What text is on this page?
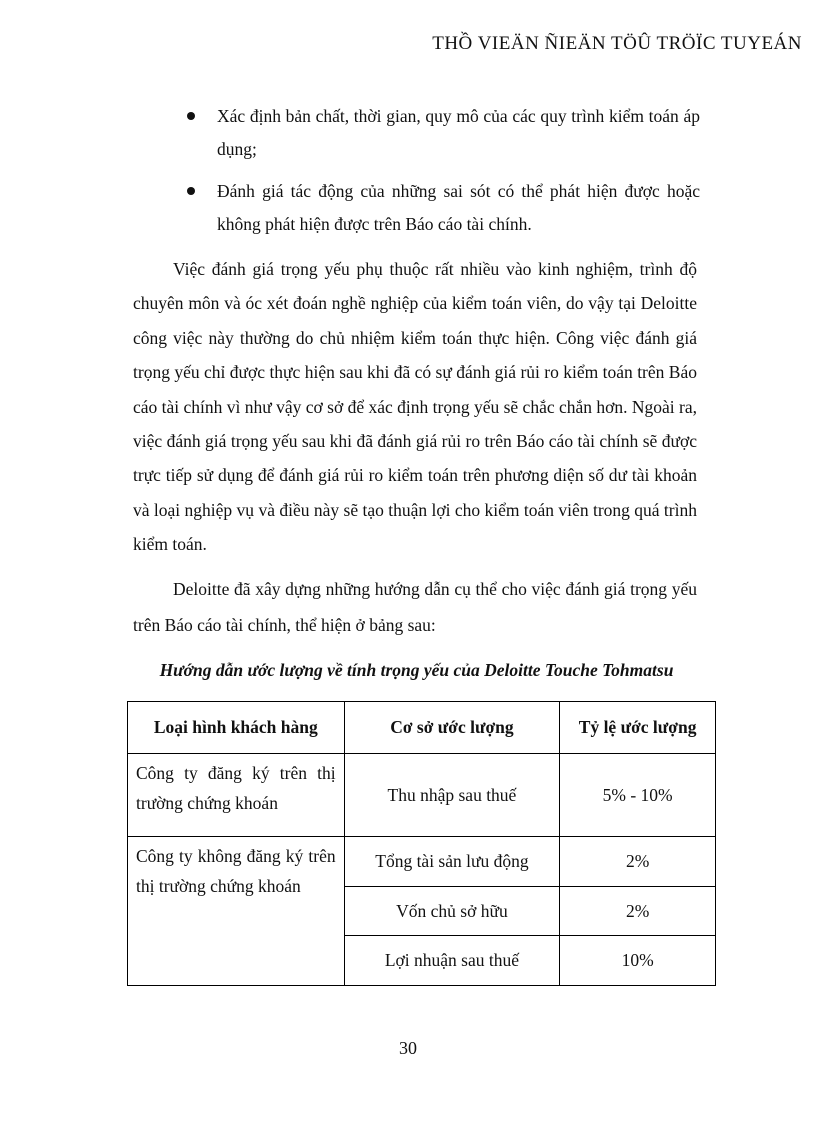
THỒ VIEÄN ÑIEÄN TÖÛ TRÖÏC TUYEÁN
Xác định bản chất, thời gian, quy mô của các quy trình kiểm toán áp dụng;
Đánh giá tác động của những sai sót có thể phát hiện được hoặc không phát hiện được trên Báo cáo tài chính.

Việc đánh giá trọng yếu phụ thuộc rất nhiều vào kinh nghiệm, trình độ chuyên môn và óc xét đoán nghề nghiệp của kiểm toán viên, do vậy tại Deloitte công việc này thường do chủ nhiệm kiểm toán thực hiện. Công việc đánh giá trọng yếu chỉ được thực hiện sau khi đã có sự đánh giá rủi ro kiểm toán trên Báo cáo tài chính vì như vậy cơ sở để xác định trọng yếu sẽ chắc chắn hơn. Ngoài ra, việc đánh giá trọng yếu sau khi đã đánh giá rủi ro trên Báo cáo tài chính sẽ được trực tiếp sử dụng để đánh giá rủi ro kiểm toán trên phương diện số dư tài khoản và loại nghiệp vụ và điều này sẽ tạo thuận lợi cho kiểm toán viên trong quá trình kiểm toán.

Deloitte đã xây dựng những hướng dẫn cụ thể cho việc đánh giá trọng yếu trên Báo cáo tài chính, thể hiện ở bảng sau:

Hướng dẫn ước lượng về tính trọng yếu của Deloitte Touche Tohmatsu
Loại hình khách hàng	Cơ sở ước lượng	Tỷ lệ ước lượng
Công ty đăng ký trên thị trường chứng khoán	Thu nhập sau thuế	5% - 10%
Công ty không đăng ký trên thị trường chứng khoán	Tổng tài sản lưu động	2%
	Vốn chủ sở hữu	2%
	Lợi nhuận sau thuế	10%
30
